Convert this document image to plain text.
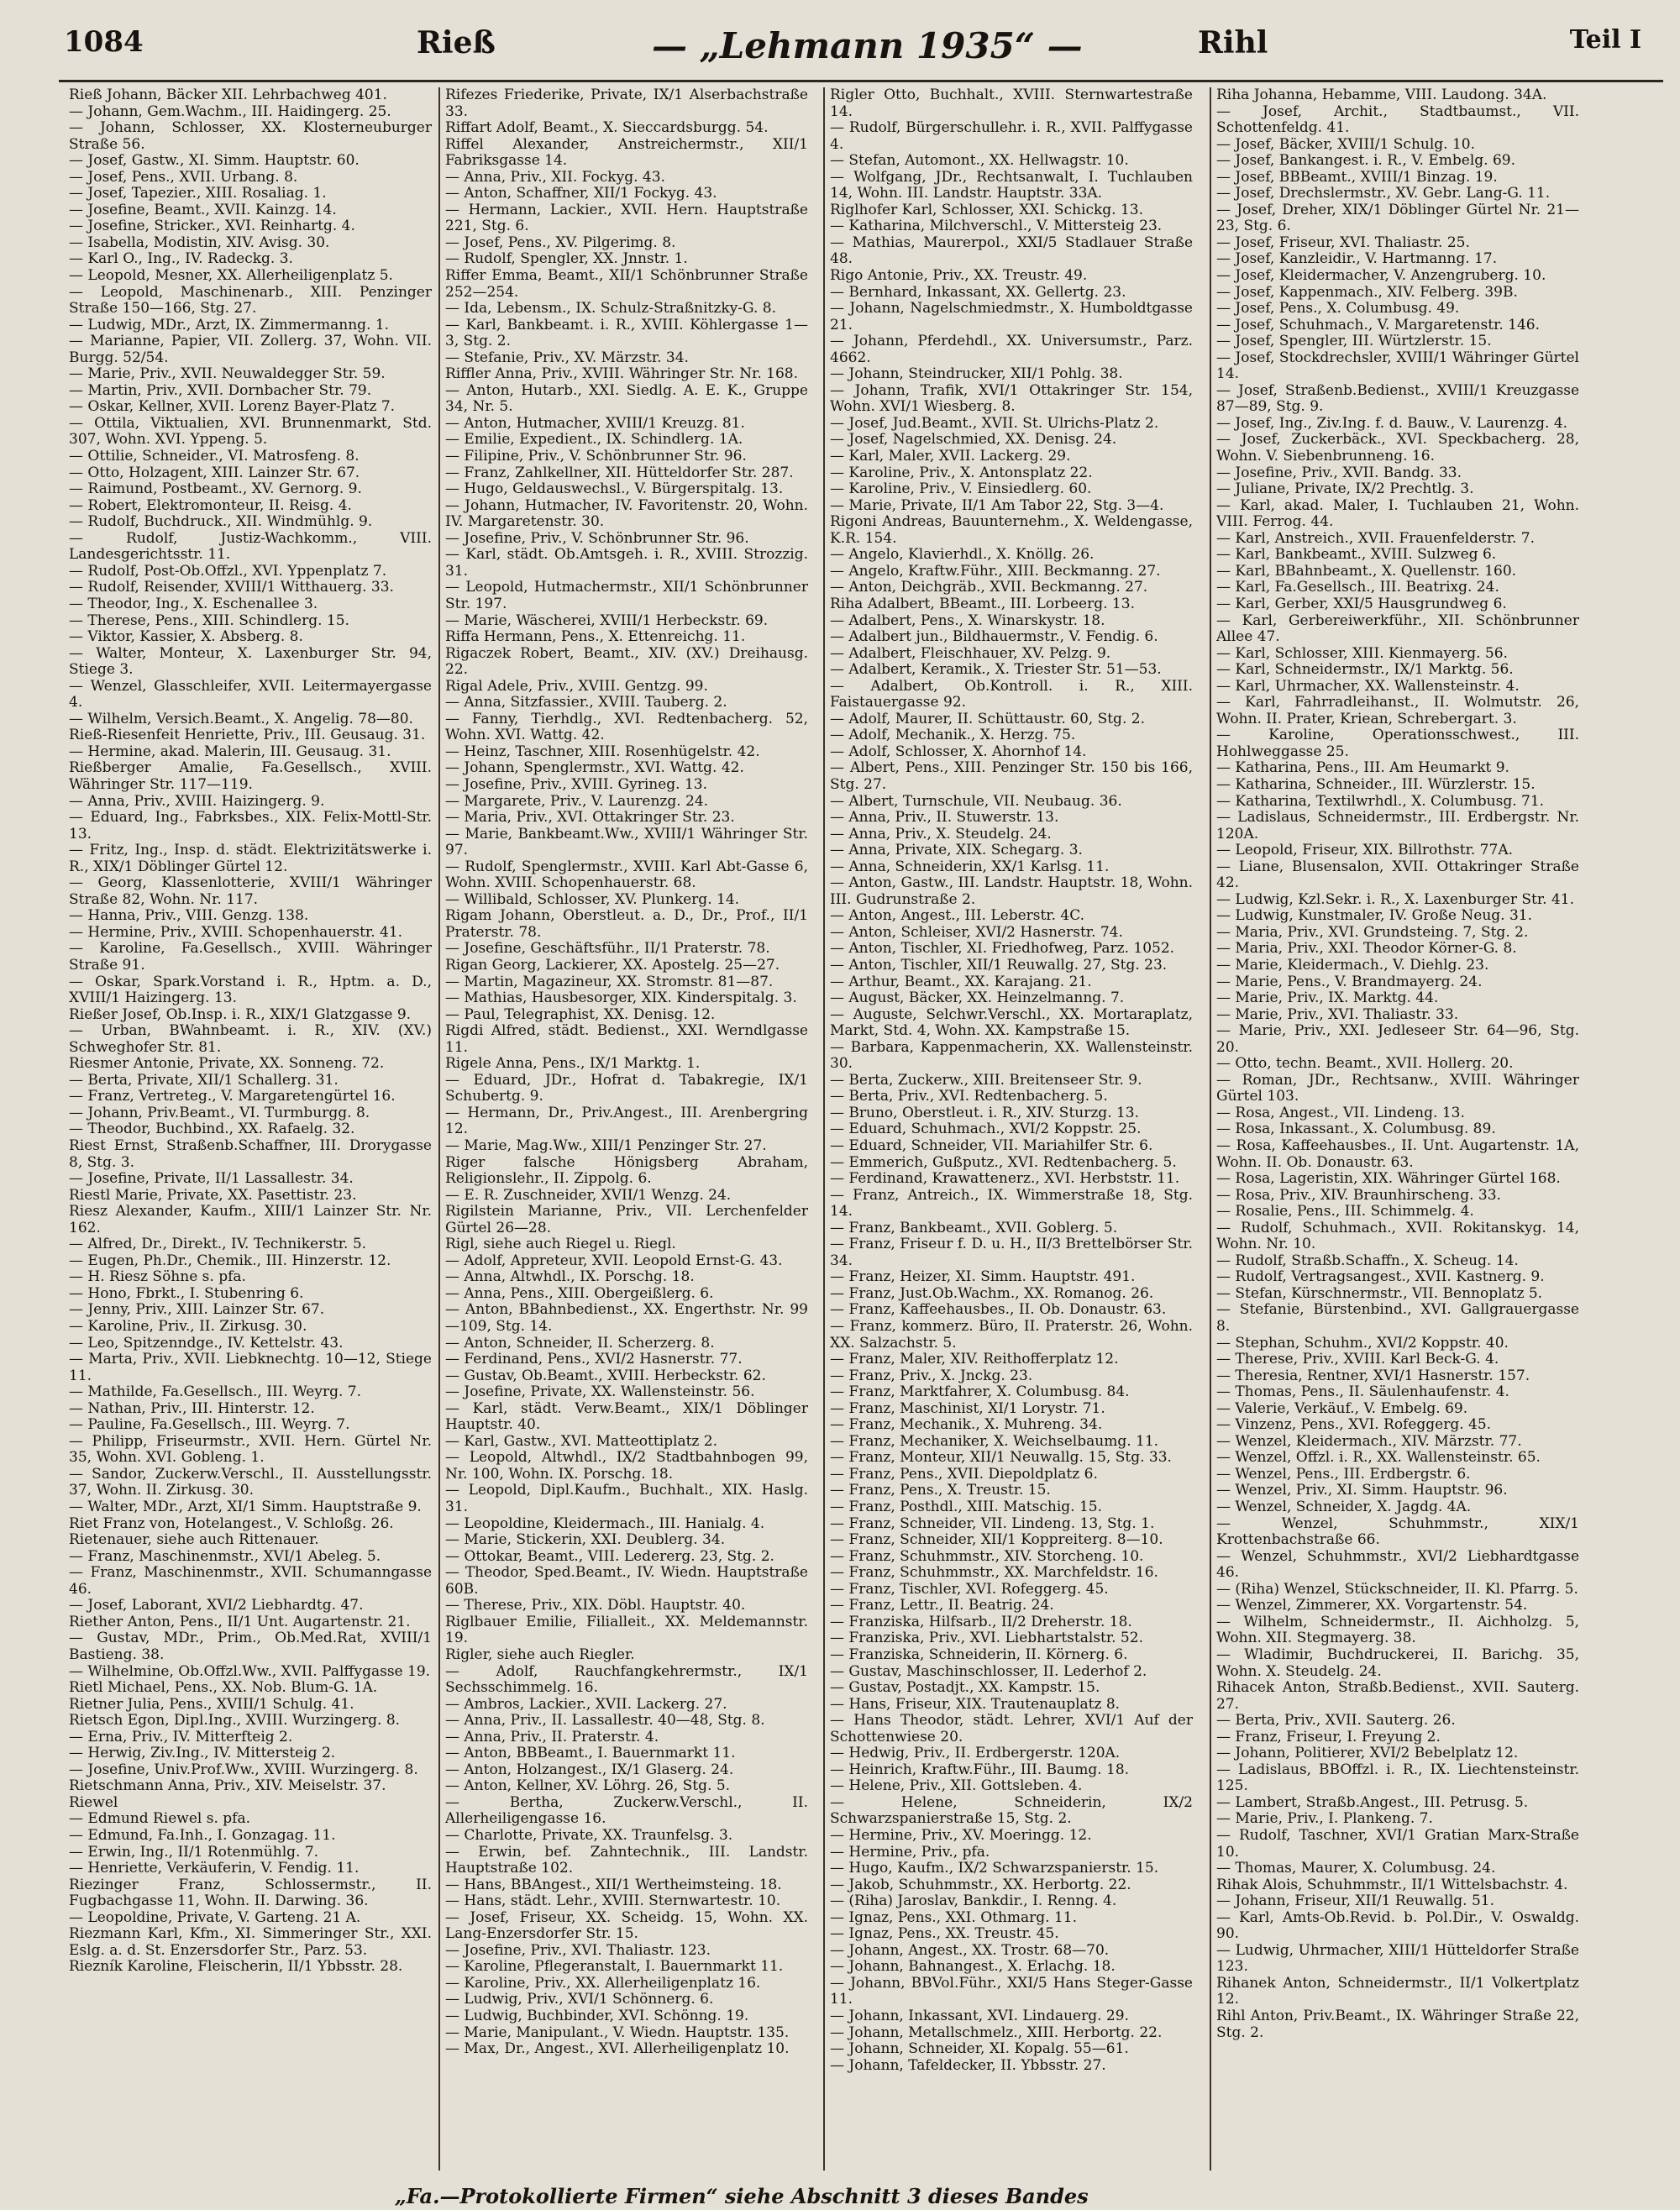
1084	Rieß	— „Lehmann 1935“ —	Rihl	Teil I

Rieß Johann, Bäcker XII. Lehrbachweg 401.

— Johann, Gem.Wachm., III. Haidingerg. 25.

— Johann, Schlosser, XX. Klosterneuburger Straße 56.

— Josef, Gastw., XI. Simm. Hauptstr. 60.

— Josef, Pens., XVII. Urbang. 8.

— Josef, Tapezier., XIII. Rosaliag. 1.

— Josefine, Beamt., XVII. Kainzg. 14.

— Josefine, Stricker., XVI. Reinhartg. 4.

— Isabella, Modistin, XIV. Avisg. 30.

— Karl O., Ing., IV. Radeckg. 3.

— Leopold, Mesner, XX. Allerheiligenplatz 5.

— Leopold, Maschinenarb., XIII. Penzinger Straße 150—166, Stg. 27.

— Ludwig, MDr., Arzt, IX. Zimmermanng. 1.

— Marianne, Papier, VII. Zollerg. 37, Wohn. VII. Burgg. 52/54.

— Marie, Priv., XVII. Neuwaldegger Str. 59.

— Martin, Priv., XVII. Dornbacher Str. 79.

— Oskar, Kellner, XVII. Lorenz Bayer-Platz 7.

— Ottila, Viktualien, XVI. Brunnenmarkt, Std. 307, Wohn. XVI. Yppeng. 5.

— Ottilie, Schneider., VI. Matrosfeng. 8.

— Otto, Holzagent, XIII. Lainzer Str. 67.

— Raimund, Postbeamt., XV. Gernorg. 9.

— Robert, Elektromonteur, II. Reisg. 4.

— Rudolf, Buchdruck., XII. Windmühlg. 9.

— Rudolf, Justiz-Wachkomm., VIII. Landesgerichtsstr. 11.

— Rudolf, Post-Ob.Offzl., XVI. Yppenplatz 7.

— Rudolf, Reisender, XVIII/1 Witthauerg. 33.

— Theodor, Ing., X. Eschenallee 3.

— Therese, Pens., XIII. Schindlerg. 15.

— Viktor, Kassier, X. Absberg. 8.

— Walter, Monteur, X. Laxenburger Str. 94, Stiege 3.

— Wenzel, Glasschleifer, XVII. Leitermayergasse 4.

— Wilhelm, Versich.Beamt., X. Angelig. 78—80.

Rieß-Riesenfeit Henriette, Priv., III. Geusaug. 31.

— Hermine, akad. Malerin, III. Geusaug. 31.

Rießberger Amalie, Fa.Gesellsch., XVIII. Währinger Str. 117—119.

— Anna, Priv., XVIII. Haizingerg. 9.

— Eduard, Ing., Fabrksbes., XIX. Felix-Mottl-Str. 13.

— Fritz, Ing., Insp. d. städt. Elektrizitätswerke i. R., XIX/1 Döblinger Gürtel 12.

— Georg, Klassenlotterie, XVIII/1 Währinger Straße 82, Wohn. Nr. 117.

— Hanna, Priv., VIII. Genzg. 138.

— Hermine, Priv., XVIII. Schopenhauerstr. 41.

— Karoline, Fa.Gesellsch., XVIII. Währinger Straße 91.

— Oskar, Spark.Vorstand i. R., Hptm. a. D., XVIII/1 Haizingerg. 13.

Rießer Josef, Ob.Insp. i. R., XIX/1 Glatzgasse 9.

— Urban, BWahnbeamt. i. R., XIV. (XV.) Schweghofer Str. 81.

Riesmer Antonie, Private, XX. Sonneng. 72.

— Berta, Private, XII/1 Schallerg. 31.

— Franz, Vertreteg., V. Margaretengürtel 16.

— Johann, Priv.Beamt., VI. Turmburgg. 8.

— Theodor, Buchbind., XX. Rafaelg. 32.

Riest Ernst, Straßenb.Schaffner, III. Drorygasse 8, Stg. 3.

— Josefine, Private, II/1 Lassallestr. 34.

Riestl Marie, Private, XX. Pasettistr. 23.

Riesz Alexander, Kaufm., XIII/1 Lainzer Str. Nr. 162.

— Alfred, Dr., Direkt., IV. Technikerstr. 5.

— Eugen, Ph.Dr., Chemik., III. Hinzerstr. 12.

— H. Riesz Söhne s. pfa.

— Hono, Fbrkt., I. Stubenring 6.

— Jenny, Priv., XIII. Lainzer Str. 67.

— Karoline, Priv., II. Zirkusg. 30.

— Leo, Spitzenndge., IV. Kettelstr. 43.

— Marta, Priv., XVII. Liebknechtg. 10—12, Stiege 11.

— Mathilde, Fa.Gesellsch., III. Weyrg. 7.

— Nathan, Priv., III. Hinterstr. 12.

— Pauline, Fa.Gesellsch., III. Weyrg. 7.

— Philipp, Friseurmstr., XVII. Hern. Gürtel Nr. 35, Wohn. XVI. Gobleng. 1.

— Sandor, Zuckerw.Verschl., II. Ausstellungsstr. 37, Wohn. II. Zirkusg. 30.

— Walter, MDr., Arzt, XI/1 Simm. Hauptstraße 9.

Riet Franz von, Hotelangest., V. Schloßg. 26.

Rietenauer, siehe auch Rittenauer.

— Franz, Maschinenmstr., XVI/1 Abeleg. 5.

— Franz, Maschinenmstr., XVII. Schumanngasse 46.

— Josef, Laborant, XVI/2 Liebhardtg. 47.

Riether Anton, Pens., II/1 Unt. Augartenstr. 21.

— Gustav, MDr., Prim., Ob.Med.Rat, XVIII/1 Bastieng. 38.

— Wilhelmine, Ob.Offzl.Ww., XVII. Palffygasse 19.

Rietl Michael, Pens., XX. Nob. Blum-G. 1A.

Rietner Julia, Pens., XVIII/1 Schulg. 41.

Rietsch Egon, Dipl.Ing., XVIII. Wurzingerg. 8.

— Erna, Priv., IV. Mitterfteig 2.

— Herwig, Ziv.Ing., IV. Mittersteig 2.

— Josefine, Univ.Prof.Ww., XVIII. Wurzingerg. 8.

Rietschmann Anna, Priv., XIV. Meiselstr. 37.

Riewel

— Edmund Riewel s. pfa.

— Edmund, Fa.Inh., I. Gonzagag. 11.

— Erwin, Ing., II/1 Rotenmühlg. 7.

— Henriette, Verkäuferin, V. Fendig. 11.

Riezinger Franz, Schlossermstr., II. Fugbachgasse 11, Wohn. II. Darwing. 36.

— Leopoldine, Private, V. Garteng. 21 A.

Riezmann Karl, Kfm., XI. Simmeringer Str., XXI. Eslg. a. d. St. Enzersdorfer Str., Parz. 53.

Riezník Karoline, Fleischerin, II/1 Ybbsstr. 28.

Rifezes Friederike, Private, IX/1 Alserbachstraße 33.

Riffart Adolf, Beamt., X. Sieccardsburgg. 54.

Riffel Alexander, Anstreichermstr., XII/1 Fabriksgasse 14.

— Anna, Priv., XII. Fockyg. 43.

— Anton, Schaffner, XII/1 Fockyg. 43.

— Hermann, Lackier., XVII. Hern. Hauptstraße 221, Stg. 6.

— Josef, Pens., XV. Pilgerimg. 8.

— Rudolf, Spengler, XX. Jnnstr. 1.

Riffer Emma, Beamt., XII/1 Schönbrunner Straße 252—254.

— Ida, Lebensm., IX. Schulz-Straßnitzky-G. 8.

— Karl, Bankbeamt. i. R., XVIII. Köhlergasse 1—3, Stg. 2.

— Stefanie, Priv., XV. Märzstr. 34.

Riffler Anna, Priv., XVIII. Währinger Str. Nr. 168.

— Anton, Hutarb., XXI. Siedlg. A. E. K., Gruppe 34, Nr. 5.

— Anton, Hutmacher, XVIII/1 Kreuzg. 81.

— Emilie, Expedient., IX. Schindlerg. 1A.

— Filipine, Priv., V. Schönbrunner Str. 96.

— Franz, Zahlkellner, XII. Hütteldorfer Str. 287.

— Hugo, Geldauswechsl., V. Bürgerspitalg. 13.

— Johann, Hutmacher, IV. Favoritenstr. 20, Wohn. IV. Margaretenstr. 30.

— Josefine, Priv., V. Schönbrunner Str. 96.

— Karl, städt. Ob.Amtsgeh. i. R., XVIII. Strozzig. 31.

— Leopold, Hutmachermstr., XII/1 Schönbrunner Str. 197.

— Marie, Wäscherei, XVIII/1 Herbeckstr. 69.

Riffa Hermann, Pens., X. Ettenreichg. 11.

Rigaczek Robert, Beamt., XIV. (XV.) Dreihausg. 22.

Rigal Adele, Priv., XVIII. Gentzg. 99.

— Anna, Sitzfassier., XVIII. Tauberg. 2.

— Fanny, Tierhdlg., XVI. Redtenbacherg. 52, Wohn. XVI. Wattg. 42.

— Heinz, Taschner, XIII. Rosenhügelstr. 42.

— Johann, Spenglermstr., XVI. Wattg. 42.

— Josefine, Priv., XVIII. Gyrineg. 13.

— Margarete, Priv., V. Laurenzg. 24.

— Maria, Priv., XVI. Ottakringer Str. 23.

— Marie, Bankbeamt.Ww., XVIII/1 Währinger Str. 97.

— Rudolf, Spenglermstr., XVIII. Karl Abt-Gasse 6, Wohn. XVIII. Schopenhauerstr. 68.

— Willibald, Schlosser, XV. Plunkerg. 14.

Rigam Johann, Oberstleut. a. D., Dr., Prof., II/1 Praterstr. 78.

— Josefine, Geschäftsführ., II/1 Praterstr. 78.

Rigan Georg, Lackierer, XX. Apostelg. 25—27.

— Martin, Magazineur, XX. Stromstr. 81—87.

— Mathias, Hausbesorger, XIX. Kinderspitalg. 3.

— Paul, Telegraphist, XX. Denisg. 12.

Rigdi Alfred, städt. Bedienst., XXI. Werndlgasse 11.

Rigele Anna, Pens., IX/1 Marktg. 1.

— Eduard, JDr., Hofrat d. Tabakregie, IX/1 Schubertg. 9.

— Hermann, Dr., Priv.Angest., III. Arenbergring 12.

— Marie, Mag.Ww., XIII/1 Penzinger Str. 27.

Riger falsche Hönigsberg Abraham, Religionslehr., II. Zippolg. 6.

— E. R. Zuschneider, XVII/1 Wenzg. 24.

Rigilstein Marianne, Priv., VII. Lerchenfelder Gürtel 26—28.

Rigl, siehe auch Riegel u. Riegl.

— Adolf, Appreteur, XVII. Leopold Ernst-G. 43.

— Anna, Altwhdl., IX. Porschg. 18.

— Anna, Pens., XIII. Obergeißlerg. 6.

— Anton, BBahnbedienst., XX. Engerthstr. Nr. 99—109, Stg. 14.

— Anton, Schneider, II. Scherzerg. 8.

— Ferdinand, Pens., XVI/2 Hasnerstr. 77.

— Gustav, Ob.Beamt., XVIII. Herbeckstr. 62.

— Josefine, Private, XX. Wallensteinstr. 56.

— Karl, städt. Verw.Beamt., XIX/1 Döblinger Hauptstr. 40.

— Karl, Gastw., XVI. Matteottiplatz 2.

— Leopold, Altwhdl., IX/2 Stadtbahnbogen 99, Nr. 100, Wohn. IX. Porschg. 18.

— Leopold, Dipl.Kaufm., Buchhalt., XIX. Haslg. 31.

— Leopoldine, Kleidermach., III. Hanialg. 4.

— Marie, Stickerin, XXI. Deublerg. 34.

— Ottokar, Beamt., VIII. Ledererg. 23, Stg. 2.

— Theodor, Sped.Beamt., IV. Wiedn. Hauptstraße 60B.

— Therese, Priv., XIX. Döbl. Hauptstr. 40.

Riglbauer Emilie, Filialleit., XX. Meldemannstr. 19.

Rigler, siehe auch Riegler.

— Adolf, Rauchfangkehrermstr., IX/1 Sechsschimmelg. 16.

— Ambros, Lackier., XVII. Lackerg. 27.

— Anna, Priv., II. Lassallestr. 40—48, Stg. 8.

— Anna, Priv., II. Praterstr. 4.

— Anton, BBBeamt., I. Bauernmarkt 11.

— Anton, Holzangest., IX/1 Glaserg. 24.

— Anton, Kellner, XV. Löhrg. 26, Stg. 5.

— Bertha, Zuckerw.Verschl., II. Allerheiligengasse 16.

— Charlotte, Private, XX. Traunfelsg. 3.

— Erwin, bef. Zahntechnik., III. Landstr. Hauptstraße 102.

— Hans, BBAngest., XII/1 Wertheimsteing. 18.

— Hans, städt. Lehr., XVIII. Sternwartestr. 10.

— Josef, Friseur, XX. Scheidg. 15, Wohn. XX. Lang-Enzersdorfer Str. 15.

— Josefine, Priv., XVI. Thaliastr. 123.

— Karoline, Pflegeranstalt, I. Bauernmarkt 11.

— Karoline, Priv., XX. Allerheiligenplatz 16.

— Ludwig, Priv., XVI/1 Schönnerg. 6.

— Ludwig, Buchbinder, XVI. Schönng. 19.

— Marie, Manipulant., V. Wiedn. Hauptstr. 135.

— Max, Dr., Angest., XVI. Allerheiligenplatz 10.

Rigler Otto, Buchhalt., XVIII. Sternwartestraße 14.

— Rudolf, Bürgerschullehr. i. R., XVII. Palffygasse 4.

— Stefan, Automont., XX. Hellwagstr. 10.

— Wolfgang, JDr., Rechtsanwalt, I. Tuchlauben 14, Wohn. III. Landstr. Hauptstr. 33A.

Riglhofer Karl, Schlosser, XXI. Schickg. 13.

— Katharina, Milchverschl., V. Mittersteig 23.

— Mathias, Maurerpol., XXI/5 Stadlauer Straße 48.

Rigo Antonie, Priv., XX. Treustr. 49.

— Bernhard, Inkassant, XX. Gellertg. 23.

— Johann, Nagelschmiedmstr., X. Humboldtgasse 21.

— Johann, Pferdehdl., XX. Universumstr., Parz. 4662.

— Johann, Steindrucker, XII/1 Pohlg. 38.

— Johann, Trafik, XVI/1 Ottakringer Str. 154, Wohn. XVI/1 Wiesberg. 8.

— Josef, Jud.Beamt., XVII. St. Ulrichs-Platz 2.

— Josef, Nagelschmied, XX. Denisg. 24.

— Karl, Maler, XVII. Lackerg. 29.

— Karoline, Priv., X. Antonsplatz 22.

— Karoline, Priv., V. Einsiedlerg. 60.

— Marie, Private, II/1 Am Tabor 22, Stg. 3—4.

Rigoni Andreas, Bauunternehm., X. Weldengasse, K.R. 154.

— Angelo, Klavierhdl., X. Knöllg. 26.

— Angelo, Kraftw.Führ., XIII. Beckmanng. 27.

— Anton, Deichgräb., XVII. Beckmanng. 27.

Riha Adalbert, BBeamt., III. Lorbeerg. 13.

— Adalbert, Pens., X. Winarskystr. 18.

— Adalbert jun., Bildhauermstr., V. Fendig. 6.

— Adalbert, Fleischhauer, XV. Pelzg. 9.

— Adalbert, Keramik., X. Triester Str. 51—53.

— Adalbert, Ob.Kontroll. i. R., XIII. Faistauergasse 92.

— Adolf, Maurer, II. Schüttaustr. 60, Stg. 2.

— Adolf, Mechanik., X. Herzg. 75.

— Adolf, Schlosser, X. Ahornhof 14.

— Albert, Pens., XIII. Penzinger Str. 150 bis 166, Stg. 27.

— Albert, Turnschule, VII. Neubaug. 36.

— Anna, Priv., II. Stuwerstr. 13.

— Anna, Priv., X. Steudelg. 24.

— Anna, Private, XIX. Schegarg. 3.

— Anna, Schneiderin, XX/1 Karlsg. 11.

— Anton, Gastw., III. Landstr. Hauptstr. 18, Wohn. III. Gudrunstraße 2.

— Anton, Angest., III. Leberstr. 4C.

— Anton, Schleiser, XVI/2 Hasnerstr. 74.

— Anton, Tischler, XI. Friedhofweg, Parz. 1052.

— Anton, Tischler, XII/1 Reuwallg. 27, Stg. 23.

— Arthur, Beamt., XX. Karajang. 21.

— August, Bäcker, XX. Heinzelmanng. 7.

— Auguste, Selchwr.Verschl., XX. Mortaraplatz, Markt, Std. 4, Wohn. XX. Kampstraße 15.

— Barbara, Kappenmacherin, XX. Wallensteinstr. 30.

— Berta, Zuckerw., XIII. Breitenseer Str. 9.

— Berta, Priv., XVI. Redtenbacherg. 5.

— Bruno, Oberstleut. i. R., XIV. Sturzg. 13.

— Eduard, Schuhmach., XVI/2 Koppstr. 25.

— Eduard, Schneider, VII. Mariahilfer Str. 6.

— Emmerich, Gußputz., XVI. Redtenbacherg. 5.

— Ferdinand, Krawattenerz., XVI. Herbststr. 11.

— Franz, Antreich., IX. Wimmerstraße 18, Stg. 14.

— Franz, Bankbeamt., XVII. Goblerg. 5.

— Franz, Friseur f. D. u. H., II/3 Brettelbörser Str. 34.

— Franz, Heizer, XI. Simm. Hauptstr. 491.

— Franz, Just.Ob.Wachm., XX. Romanog. 26.

— Franz, Kaffeehausbes., II. Ob. Donaustr. 63.

— Franz, kommerz. Büro, II. Praterstr. 26, Wohn. XX. Salzachstr. 5.

— Franz, Maler, XIV. Reithofferplatz 12.

— Franz, Priv., X. Jnckg. 23.

— Franz, Marktfahrer, X. Columbusg. 84.

— Franz, Maschinist, XI/1 Lorystr. 71.

— Franz, Mechanik., X. Muhreng. 34.

— Franz, Mechaniker, X. Weichselbaumg. 11.

— Franz, Monteur, XII/1 Neuwallg. 15, Stg. 33.

— Franz, Pens., XVII. Diepoldplatz 6.

— Franz, Pens., X. Treustr. 15.

— Franz, Posthdl., XIII. Matschig. 15.

— Franz, Schneider, VII. Lindeng. 13, Stg. 1.

— Franz, Schneider, XII/1 Koppreiterg. 8—10.

— Franz, Schuhmmstr., XIV. Storcheng. 10.

— Franz, Schuhmmstr., XX. Marchfeldstr. 16.

— Franz, Tischler, XVI. Rofeggerg. 45.

— Franz, Lettr., II. Beatrig. 24.

— Franziska, Hilfsarb., II/2 Dreherstr. 18.

— Franziska, Priv., XVI. Liebhartstalstr. 52.

— Franziska, Schneiderin, II. Körnerg. 6.

— Gustav, Maschinschlosser, II. Lederhof 2.

— Gustav, Postadjt., XX. Kampstr. 15.

— Hans, Friseur, XIX. Trautenauplatz 8.

— Hans Theodor, städt. Lehrer, XVI/1 Auf der Schottenwiese 20.

— Hedwig, Priv., II. Erdbergerstr. 120A.

— Heinrich, Kraftw.Führ., III. Baumg. 18.

— Helene, Priv., XII. Gottsleben. 4.

— Helene, Schneiderin, IX/2 Schwarzspanierstraße 15, Stg. 2.

— Hermine, Priv., XV. Moeringg. 12.

— Hermine, Priv., pfa.

— Hugo, Kaufm., IX/2 Schwarzspanierstr. 15.

— Jakob, Schuhmmstr., XX. Herbortg. 22.

— (Riha) Jaroslav, Bankdir., I. Renng. 4.

— Ignaz, Pens., XXI. Othmarg. 11.

— Ignaz, Pens., XX. Treustr. 45.

— Johann, Angest., XX. Trostr. 68—70.

— Johann, Bahnangest., X. Erlachg. 18.

— Johann, BBVol.Führ., XXI/5 Hans Steger-Gasse 11.

— Johann, Inkassant, XVI. Lindauerg. 29.

— Johann, Metallschmelz., XIII. Herbortg. 22.

— Johann, Schneider, XI. Kopalg. 55—61.

— Johann, Tafeldecker, II. Ybbsstr. 27.

Riha Johanna, Hebamme, VIII. Laudong. 34A.

— Josef, Archit., Stadtbaumst., VII. Schottenfeldg. 41.

— Josef, Bäcker, XVIII/1 Schulg. 10.

— Josef, Bankangest. i. R., V. Embelg. 69.

— Josef, BBBeamt., XVIII/1 Binzag. 19.

— Josef, Drechslermstr., XV. Gebr. Lang-G. 11.

— Josef, Dreher, XIX/1 Döblinger Gürtel Nr. 21—23, Stg. 6.

— Josef, Friseur, XVI. Thaliastr. 25.

— Josef, Kanzleidir., V. Hartmanng. 17.

— Josef, Kleidermacher, V. Anzengruberg. 10.

— Josef, Kappenmach., XIV. Felberg. 39B.

— Josef, Pens., X. Columbusg. 49.

— Josef, Schuhmach., V. Margaretenstr. 146.

— Josef, Spengler, III. Würtzlerstr. 15.

— Josef, Stockdrechsler, XVIII/1 Währinger Gürtel 14.

— Josef, Straßenb.Bedienst., XVIII/1 Kreuzgasse 87—89, Stg. 9.

— Josef, Ing., Ziv.Ing. f. d. Bauw., V. Laurenzg. 4.

— Josef, Zuckerbäck., XVI. Speckbacherg. 28, Wohn. V. Siebenbrunneng. 16.

— Josefine, Priv., XVII. Bandg. 33.

— Juliane, Private, IX/2 Prechtlg. 3.

— Karl, akad. Maler, I. Tuchlauben 21, Wohn. VIII. Ferrog. 44.

— Karl, Anstreich., XVII. Frauenfelderstr. 7.

— Karl, Bankbeamt., XVIII. Sulzweg 6.

— Karl, BBahnbeamt., X. Quellenstr. 160.

— Karl, Fa.Gesellsch., III. Beatrixg. 24.

— Karl, Gerber, XXI/5 Hausgrundweg 6.

— Karl, Gerbereiwerkführ., XII. Schönbrunner Allee 47.

— Karl, Schlosser, XIII. Kienmayerg. 56.

— Karl, Schneidermstr., IX/1 Marktg. 56.

— Karl, Uhrmacher, XX. Wallensteinstr. 4.

— Karl, Fahrradleihanst., II. Wolmutstr. 26, Wohn. II. Prater, Kriean, Schrebergart. 3.

— Karoline, Operationsschwest., III. Hohlweggasse 25.

— Katharina, Pens., III. Am Heumarkt 9.

— Katharina, Schneider., III. Würzlerstr. 15.

— Katharina, Textilwrhdl., X. Columbusg. 71.

— Ladislaus, Schneidermstr., III. Erdbergstr. Nr. 120A.

— Leopold, Friseur, XIX. Billrothstr. 77A.

— Liane, Blusensalon, XVII. Ottakringer Straße 42.

— Ludwig, Kzl.Sekr. i. R., X. Laxenburger Str. 41.

— Ludwig, Kunstmaler, IV. Große Neug. 31.

— Maria, Priv., XVI. Grundsteing. 7, Stg. 2.

— Maria, Priv., XXI. Theodor Körner-G. 8.

— Marie, Kleidermach., V. Diehlg. 23.

— Marie, Pens., V. Brandmayerg. 24.

— Marie, Priv., IX. Marktg. 44.

— Marie, Priv., XVI. Thaliastr. 33.

— Marie, Priv., XXI. Jedleseer Str. 64—96, Stg. 20.

— Otto, techn. Beamt., XVII. Hollerg. 20.

— Roman, JDr., Rechtsanw., XVIII. Währinger Gürtel 103.

— Rosa, Angest., VII. Lindeng. 13.

— Rosa, Inkassant., X. Columbusg. 89.

— Rosa, Kaffeehausbes., II. Unt. Augartenstr. 1A, Wohn. II. Ob. Donaustr. 63.

— Rosa, Lageristin, XIX. Währinger Gürtel 168.

— Rosa, Priv., XIV. Braunhirscheng. 33.

— Rosalie, Pens., III. Schimmelg. 4.

— Rudolf, Schuhmach., XVII. Rokitanskyg. 14, Wohn. Nr. 10.

— Rudolf, Straßb.Schaffn., X. Scheug. 14.

— Rudolf, Vertragsangest., XVII. Kastnerg. 9.

— Stefan, Kürschnermstr., VII. Bennoplatz 5.

— Stefanie, Bürstenbind., XVI. Gallgrauergasse 8.

— Stephan, Schuhm., XVI/2 Koppstr. 40.

— Therese, Priv., XVIII. Karl Beck-G. 4.

— Theresia, Rentner, XVI/1 Hasnerstr. 157.

— Thomas, Pens., II. Säulenhaufenstr. 4.

— Valerie, Verkäuf., V. Embelg. 69.

— Vinzenz, Pens., XVI. Rofeggerg. 45.

— Wenzel, Kleidermach., XIV. Märzstr. 77.

— Wenzel, Offzl. i. R., XX. Wallensteinstr. 65.

— Wenzel, Pens., III. Erdbergstr. 6.

— Wenzel, Priv., XI. Simm. Hauptstr. 96.

— Wenzel, Schneider, X. Jagdg. 4A.

— Wenzel, Schuhmmstr., XIX/1 Krottenbachstraße 66.

— Wenzel, Schuhmmstr., XVI/2 Liebhardtgasse 46.

— (Riha) Wenzel, Stückschneider, II. Kl. Pfarrg. 5.

— Wenzel, Zimmerer, XX. Vorgartenstr. 54.

— Wilhelm, Schneidermstr., II. Aichholzg. 5, Wohn. XII. Stegmayerg. 38.

— Wladimir, Buchdruckerei, II. Barichg. 35, Wohn. X. Steudelg. 24.

Rihacek Anton, Straßb.Bedienst., XVII. Sauterg. 27.

— Berta, Priv., XVII. Sauterg. 26.

— Franz, Friseur, I. Freyung 2.

— Johann, Politierer, XVI/2 Bebelplatz 12.

— Ladislaus, BBOffzl. i. R., IX. Liechtensteinstr. 125.

— Lambert, Straßb.Angest., III. Petrusg. 5.

— Marie, Priv., I. Plankeng. 7.

— Rudolf, Taschner, XVI/1 Gratian Marx-Straße 10.

— Thomas, Maurer, X. Columbusg. 24.

Rihak Alois, Schuhmmstr., II/1 Wittelsbachstr. 4.

— Johann, Friseur, XII/1 Reuwallg. 51.

— Karl, Amts-Ob.Revid. b. Pol.Dir., V. Oswaldg. 90.

— Ludwig, Uhrmacher, XIII/1 Hütteldorfer Straße 123.

Rihanek Anton, Schneidermstr., II/1 Volkertplatz 12.

Rihl Anton, Priv.Beamt., IX. Währinger Straße 22, Stg. 2.

„Fa.—Protokollierte Firmen“ siehe Abschnitt 3 dieses Bandes
